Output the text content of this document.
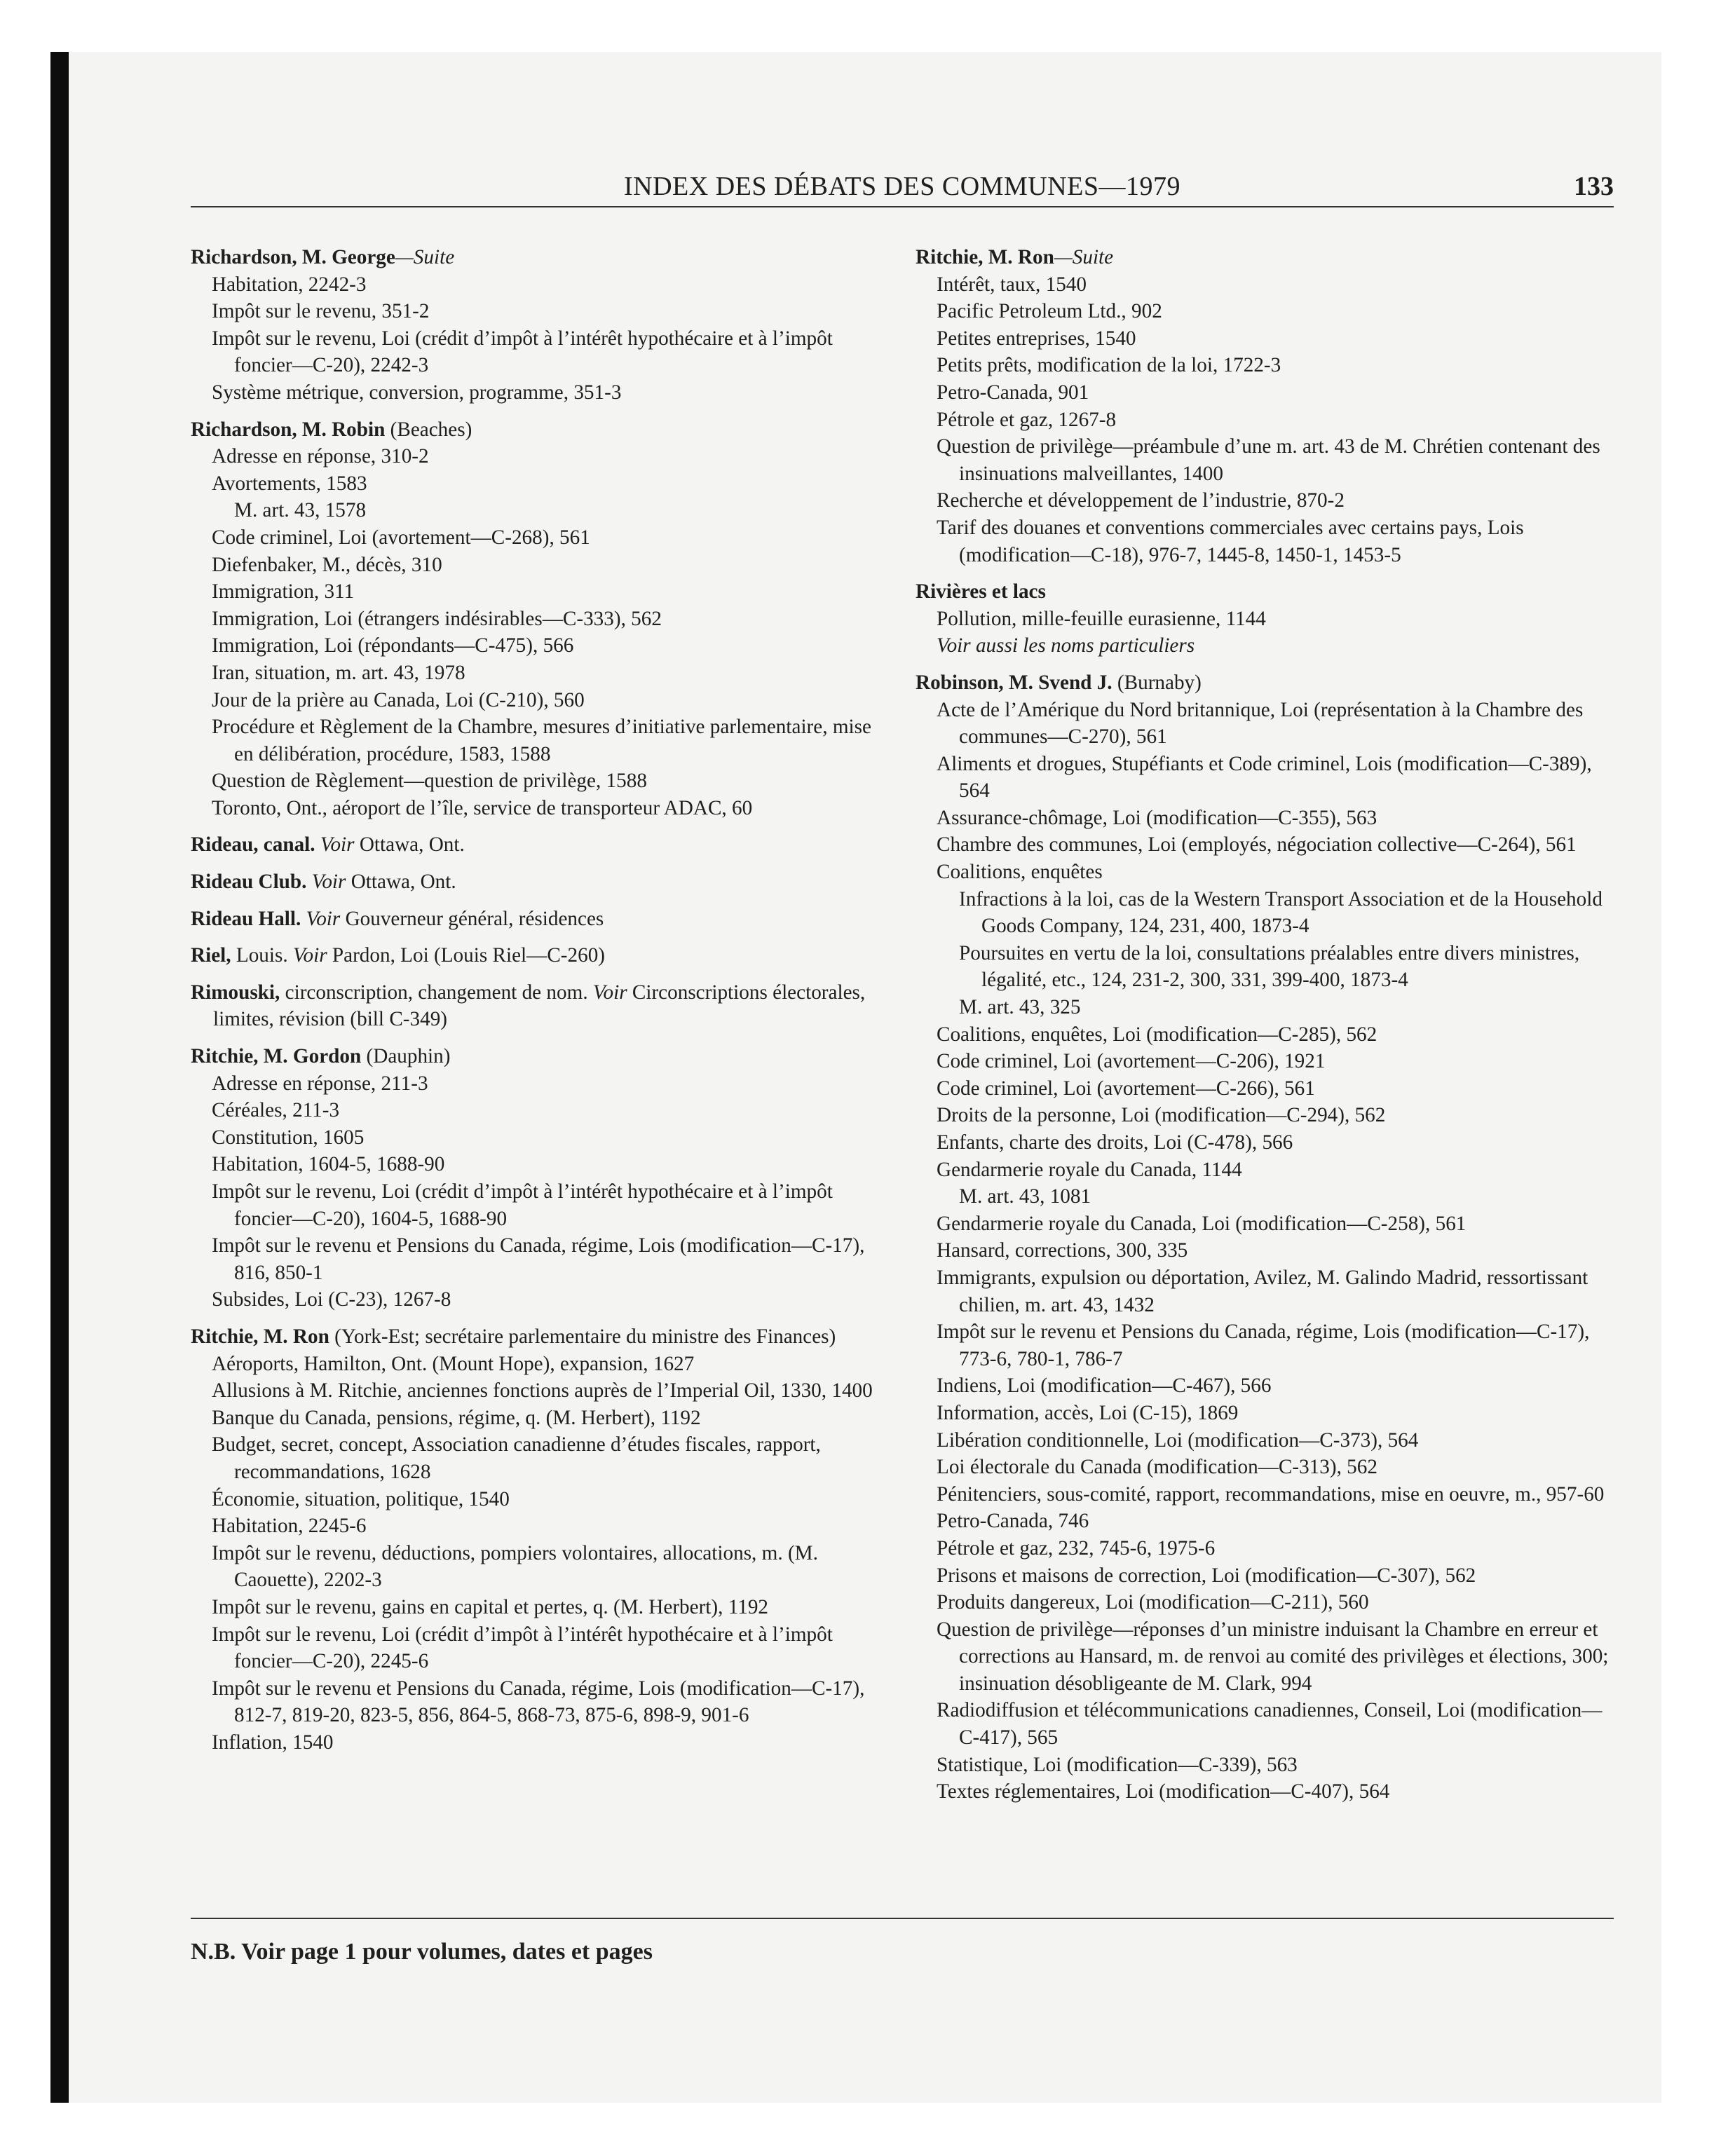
INDEX DES DÉBATS DES COMMUNES—1979	133
Richardson, M. George—Suite
Habitation, 2242-3
Impôt sur le revenu, 351-2
Impôt sur le revenu, Loi (crédit d’impôt à l’intérêt hypothécaire et à l’impôt foncier—C-20), 2242-3
Système métrique, conversion, programme, 351-3
Richardson, M. Robin (Beaches)
Adresse en réponse, 310-2
Avortements, 1583
M. art. 43, 1578
Code criminel, Loi (avortement—C-268), 561
Diefenbaker, M., décès, 310
Immigration, 311
Immigration, Loi (étrangers indésirables—C-333), 562
Immigration, Loi (répondants—C-475), 566
Iran, situation, m. art. 43, 1978
Jour de la prière au Canada, Loi (C-210), 560
Procédure et Règlement de la Chambre, mesures d’initiative parlementaire, mise en délibération, procédure, 1583, 1588
Question de Règlement—question de privilège, 1588
Toronto, Ont., aéroport de l’île, service de transporteur ADAC, 60
Rideau, canal. Voir Ottawa, Ont.
Rideau Club. Voir Ottawa, Ont.
Rideau Hall. Voir Gouverneur général, résidences
Riel, Louis. Voir Pardon, Loi (Louis Riel—C-260)
Rimouski, circonscription, changement de nom. Voir Circonscriptions électorales, limites, révision (bill C-349)
Ritchie, M. Gordon (Dauphin)
Adresse en réponse, 211-3
Céréales, 211-3
Constitution, 1605
Habitation, 1604-5, 1688-90
Impôt sur le revenu, Loi (crédit d’impôt à l’intérêt hypothécaire et à l’impôt foncier—C-20), 1604-5, 1688-90
Impôt sur le revenu et Pensions du Canada, régime, Lois (modification—C-17), 816, 850-1
Subsides, Loi (C-23), 1267-8
Ritchie, M. Ron (York-Est; secrétaire parlementaire du ministre des Finances)
Aéroports, Hamilton, Ont. (Mount Hope), expansion, 1627
Allusions à M. Ritchie, anciennes fonctions auprès de l’Imperial Oil, 1330, 1400
Banque du Canada, pensions, régime, q. (M. Herbert), 1192
Budget, secret, concept, Association canadienne d’études fiscales, rapport, recommandations, 1628
Économie, situation, politique, 1540
Habitation, 2245-6
Impôt sur le revenu, déductions, pompiers volontaires, allocations, m. (M. Caouette), 2202-3
Impôt sur le revenu, gains en capital et pertes, q. (M. Herbert), 1192
Impôt sur le revenu, Loi (crédit d’impôt à l’intérêt hypothécaire et à l’impôt foncier—C-20), 2245-6
Impôt sur le revenu et Pensions du Canada, régime, Lois (modification—C-17), 812-7, 819-20, 823-5, 856, 864-5, 868-73, 875-6, 898-9, 901-6
Inflation, 1540
Ritchie, M. Ron—Suite
Intérêt, taux, 1540
Pacific Petroleum Ltd., 902
Petites entreprises, 1540
Petits prêts, modification de la loi, 1722-3
Petro-Canada, 901
Pétrole et gaz, 1267-8
Question de privilège—préambule d’une m. art. 43 de M. Chrétien contenant des insinuations malveillantes, 1400
Recherche et développement de l’industrie, 870-2
Tarif des douanes et conventions commerciales avec certains pays, Lois (modification—C-18), 976-7, 1445-8, 1450-1, 1453-5
Rivières et lacs
Pollution, mille-feuille eurasienne, 1144
Voir aussi les noms particuliers
Robinson, M. Svend J. (Burnaby)
Acte de l’Amérique du Nord britannique, Loi (représentation à la Chambre des communes—C-270), 561
Aliments et drogues, Stupéfiants et Code criminel, Lois (modification—C-389), 564
Assurance-chômage, Loi (modification—C-355), 563
Chambre des communes, Loi (employés, négociation collective—C-264), 561
Coalitions, enquêtes
Infractions à la loi, cas de la Western Transport Association et de la Household Goods Company, 124, 231, 400, 1873-4
Poursuites en vertu de la loi, consultations préalables entre divers ministres, légalité, etc., 124, 231-2, 300, 331, 399-400, 1873-4
M. art. 43, 325
Coalitions, enquêtes, Loi (modification—C-285), 562
Code criminel, Loi (avortement—C-206), 1921
Code criminel, Loi (avortement—C-266), 561
Droits de la personne, Loi (modification—C-294), 562
Enfants, charte des droits, Loi (C-478), 566
Gendarmerie royale du Canada, 1144
M. art. 43, 1081
Gendarmerie royale du Canada, Loi (modification—C-258), 561
Hansard, corrections, 300, 335
Immigrants, expulsion ou déportation, Avilez, M. Galindo Madrid, ressortissant chilien, m. art. 43, 1432
Impôt sur le revenu et Pensions du Canada, régime, Lois (modification—C-17), 773-6, 780-1, 786-7
Indiens, Loi (modification—C-467), 566
Information, accès, Loi (C-15), 1869
Libération conditionnelle, Loi (modification—C-373), 564
Loi électorale du Canada (modification—C-313), 562
Pénitenciers, sous-comité, rapport, recommandations, mise en oeuvre, m., 957-60
Petro-Canada, 746
Pétrole et gaz, 232, 745-6, 1975-6
Prisons et maisons de correction, Loi (modification—C-307), 562
Produits dangereux, Loi (modification—C-211), 560
Question de privilège—réponses d’un ministre induisant la Chambre en erreur et corrections au Hansard, m. de renvoi au comité des privilèges et élections, 300; insinuation désobligeante de M. Clark, 994
Radiodiffusion et télécommunications canadiennes, Conseil, Loi (modification—C-417), 565
Statistique, Loi (modification—C-339), 563
Textes réglementaires, Loi (modification—C-407), 564
N.B. Voir page 1 pour volumes, dates et pages
